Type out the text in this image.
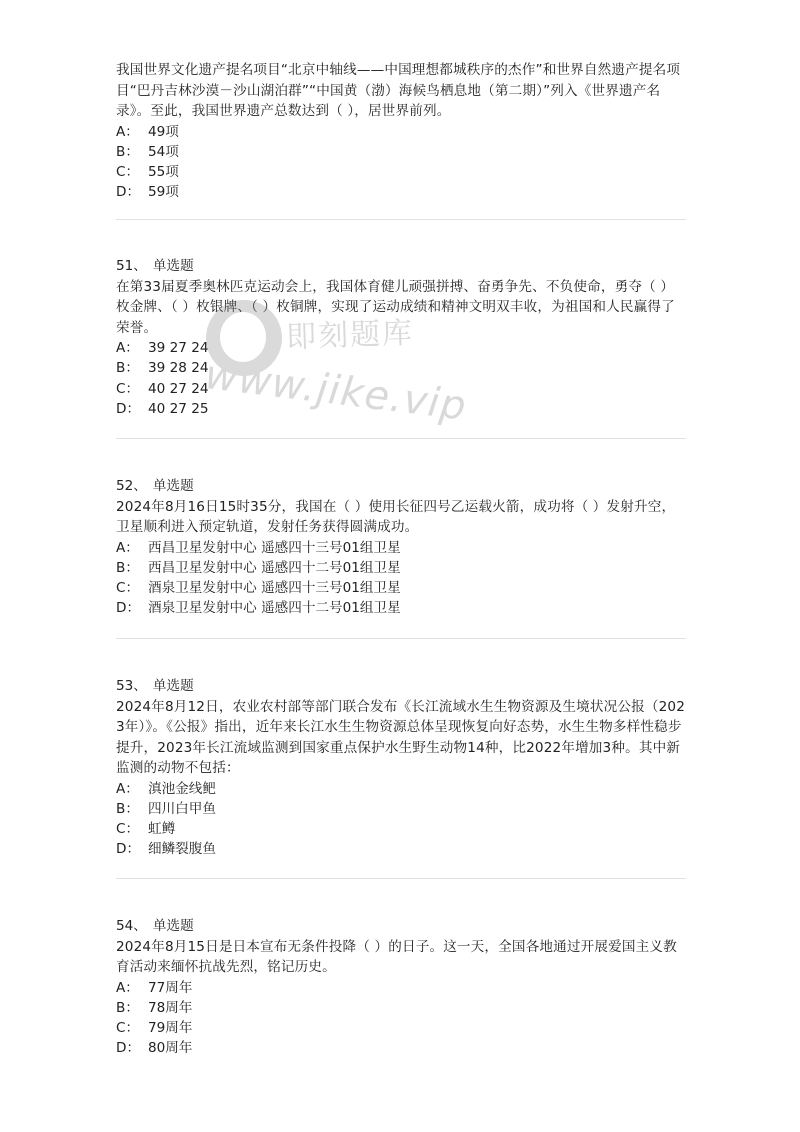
我国世界文化遗产提名项目“北京中轴线——中国理想都城秩序的杰作”和世界自然遗产提名项目“巴丹吉林沙漠－沙山湖泊群”“中国黄（渤）海候鸟栖息地（第二期）”列入《世界遗产名录》。至此，我国世界遗产总数达到（ ），居世界前列。

A： 49项

B： 54项

C： 55项

D： 59项

51、 单选题

在第33届夏季奥林匹克运动会上，我国体育健儿顽强拼搏、奋勇争先、不负使命，勇夺（ ）枚金牌、（ ）枚银牌、（ ）枚铜牌，实现了运动成绩和精神文明双丰收，为祖国和人民赢得了荣誉。

A： 39 27 24

B： 39 28 24

C： 40 27 24

D： 40 27 25

52、 单选题

2024年8月16日15时35分，我国在（ ）使用长征四号乙运载火箭，成功将（ ）发射升空，卫星顺利进入预定轨道，发射任务获得圆满成功。

A： 西昌卫星发射中心 遥感四十三号01组卫星

B： 西昌卫星发射中心 遥感四十二号01组卫星

C： 酒泉卫星发射中心 遥感四十三号01组卫星

D： 酒泉卫星发射中心 遥感四十二号01组卫星

53、 单选题

2024年8月12日，农业农村部等部门联合发布《长江流域水生生物资源及生境状况公报（2023年）》。《公报》指出，近年来长江水生生物资源总体呈现恢复向好态势，水生生物多样性稳步提升，2023年长江流域监测到国家重点保护水生野生动物14种，比2022年增加3种。其中新监测的动物不包括：

A： 滇池金线鲃

B： 四川白甲鱼

C： 虹鳟

D： 细鳞裂腹鱼

54、 单选题

2024年8月15日是日本宣布无条件投降（ ）的日子。这一天，全国各地通过开展爱国主义教育活动来缅怀抗战先烈，铭记历史。

A： 77周年

B： 78周年

C： 79周年

D： 80周年

即刻题库
www.jike.vip
